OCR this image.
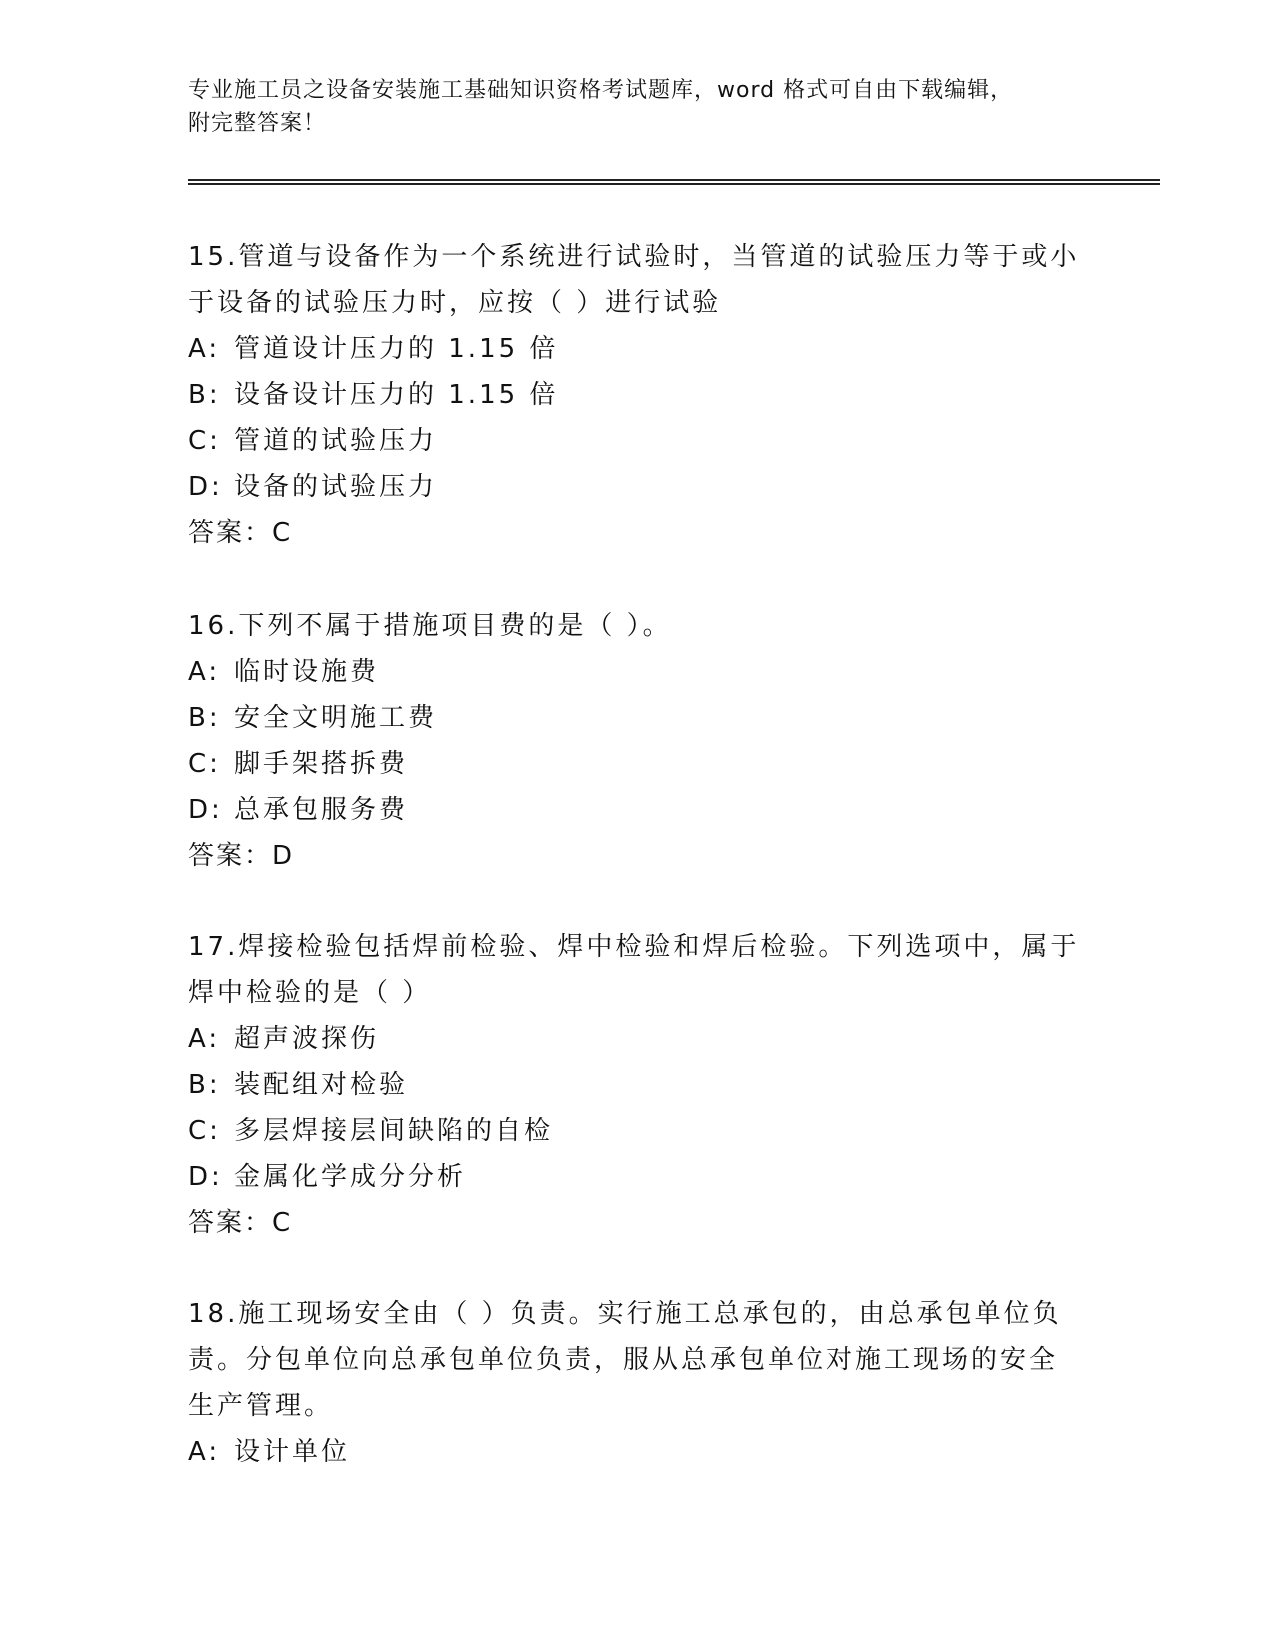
专业施工员之设备安装施工基础知识资格考试题库，word 格式可自由下载编辑，
附完整答案！
15.管道与设备作为一个系统进行试验时，当管道的试验压力等于或小
于设备的试验压力时，应按（ ）进行试验
A: 管道设计压力的 1.15 倍
B: 设备设计压力的 1.15 倍
C: 管道的试验压力
D: 设备的试验压力
答案：C
16.下列不属于措施项目费的是（ ）。
A: 临时设施费
B: 安全文明施工费
C: 脚手架搭拆费
D: 总承包服务费
答案：D
17.焊接检验包括焊前检验、焊中检验和焊后检验。下列选项中，属于
焊中检验的是（ ）
A: 超声波探伤
B: 装配组对检验
C: 多层焊接层间缺陷的自检
D: 金属化学成分分析
答案：C
18.施工现场安全由（ ）负责。实行施工总承包的，由总承包单位负
责。分包单位向总承包单位负责，服从总承包单位对施工现场的安全
生产管理。
A: 设计单位
